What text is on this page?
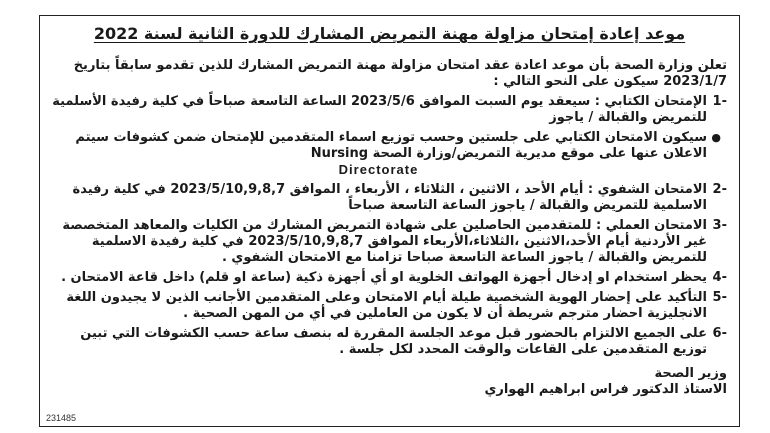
موعد إعادة إمتحان مزاولة مهنة التمريض المشارك للدورة الثانية لسنة 2022

تعلن وزارة الصحة بأن موعد اعادة عقد امتحان مزاولة مهنة التمريض المشارك للذين تقدمو سابقاً بتاريخ 2023/1/7 سيكون على النحو التالي :

-1
الإمتحان الكتابي : سيعقد يوم السبت الموافق 2023/5/6 الساعة التاسعة صباحاً في كلية رفيدة الأسلمية للتمريض والقبالة / ياجوز
●
سيكون الامتحان الكتابي على جلستين وحسب توزيع اسماء المتقدمين للإمتحان ضمن كشوفات سيتم الاعلان عنها على موقع مديرية التمريض/وزارة الصحة Nursing
Directorate
-2
الامتحان الشفوي : أيام الأحد ، الاثنين ، الثلاثاء ، الأربعاء ، الموافق 2023/5/10,9,8,7 في كلية رفيدة الاسلمية للتمريض والقبالة / ياجوز الساعة التاسعة صباحاً
-3
الامتحان العملي : للمتقدمين الحاصلين على شهادة التمريض المشارك من الكليات والمعاهد المتخصصة غير الأردنية أيام الأحد،الاثنين ،الثلاثاء،الأربعاء الموافق 2023/5/10,9,8,7 في كلية رفيدة الاسلمية للتمريض والقبالة / ياجوز الساعة التاسعة صباحا تزامنا مع الامتحان الشفوي .
-4
يحظر استخدام او إدخال أجهزة الهواتف الخلوية او أي أجهزة ذكية (ساعة او قلم) داخل قاعة الامتحان .
-5
التأكيد على إحضار الهوية الشخصية طيلة أيام الامتحان وعلى المتقدمين الأجانب الذين لا يجيدون اللغة الانجليزية احضار مترجم شريطة أن لا يكون من العاملين في أي من المهن الصحية .
-6
على الجميع الالتزام بالحضور قبل موعد الجلسة المقررة له بنصف ساعة حسب الكشوفات التي تبين توزيع المتقدمين على القاعات والوقت المحدد لكل جلسة .

وزير الصحة

الاستاذ الدكتور فراس ابراهيم الهواري

231485
